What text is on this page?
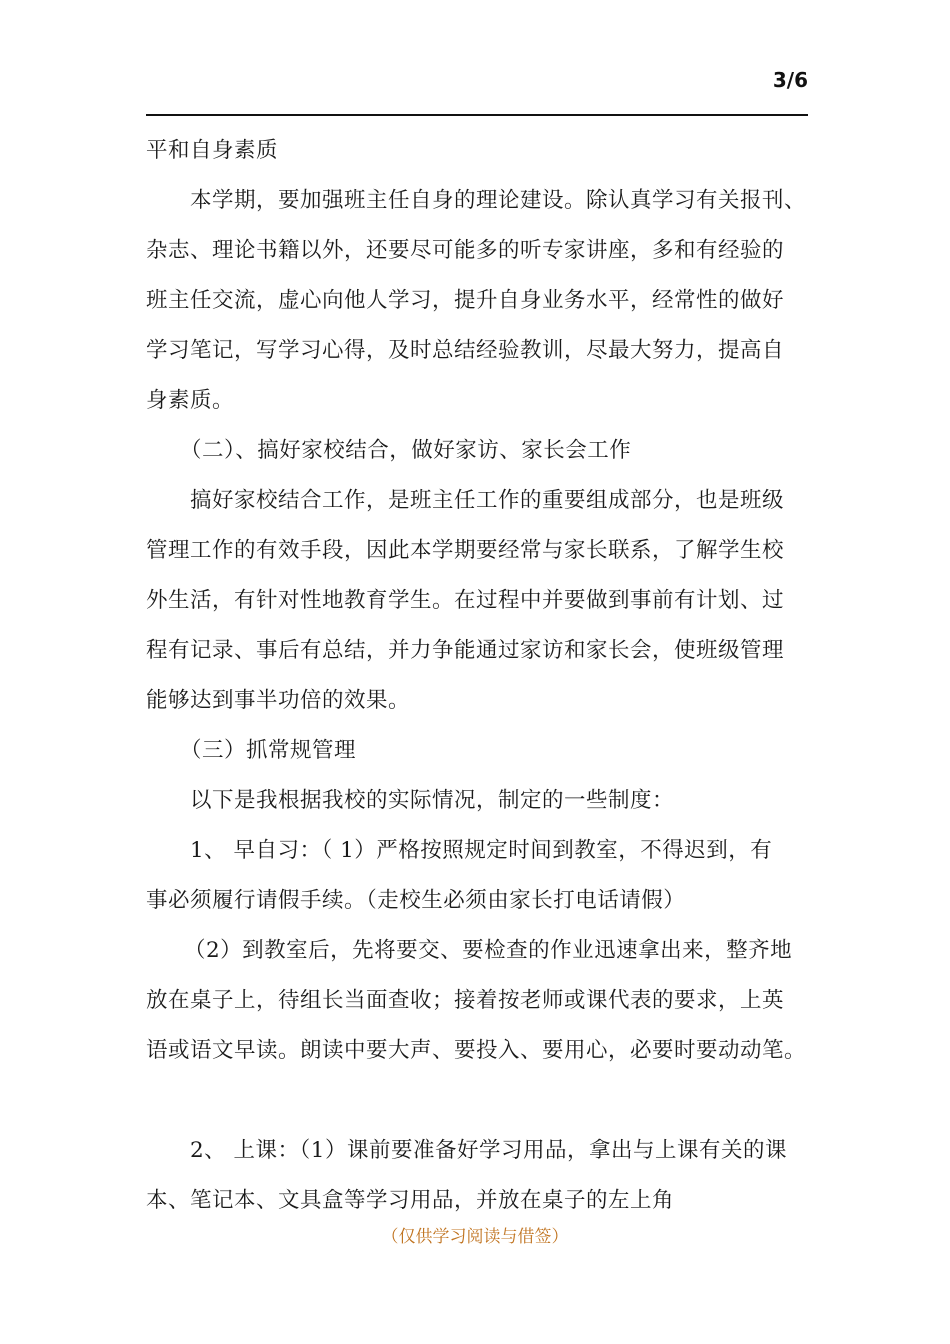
3/6
平和自身素质
本学期，要加强班主任自身的理论建设。除认真学习有关报刊、
杂志、理论书籍以外，还要尽可能多的听专家讲座，多和有经验的
班主任交流，虚心向他人学习，提升自身业务水平，经常性的做好
学习笔记，写学习心得，及时总结经验教训，尽最大努力，提高自
身素质。
（二）、搞好家校结合，做好家访、家长会工作
搞好家校结合工作，是班主任工作的重要组成部分，也是班级
管理工作的有效手段，因此本学期要经常与家长联系，了解学生校
外生活，有针对性地教育学生。在过程中并要做到事前有计划、过
程有记录、事后有总结，并力争能通过家访和家长会，使班级管理
能够达到事半功倍的效果。
（三）抓常规管理
以下是我根据我校的实际情况，制定的一些制度：
1、 早自习：（ 1）严格按照规定时间到教室，不得迟到，有
事必须履行请假手续。（走校生必须由家长打电话请假）
（2）到教室后，先将要交、要检查的作业迅速拿出来，整齐地
放在桌子上，待组长当面查收；接着按老师或课代表的要求，上英
语或语文早读。朗读中要大声、要投入、要用心，必要时要动动笔。
2、 上课：（1）课前要准备好学习用品，拿出与上课有关的课
本、笔记本、文具盒等学习用品，并放在桌子的左上角
（仅供学习阅读与借签）
